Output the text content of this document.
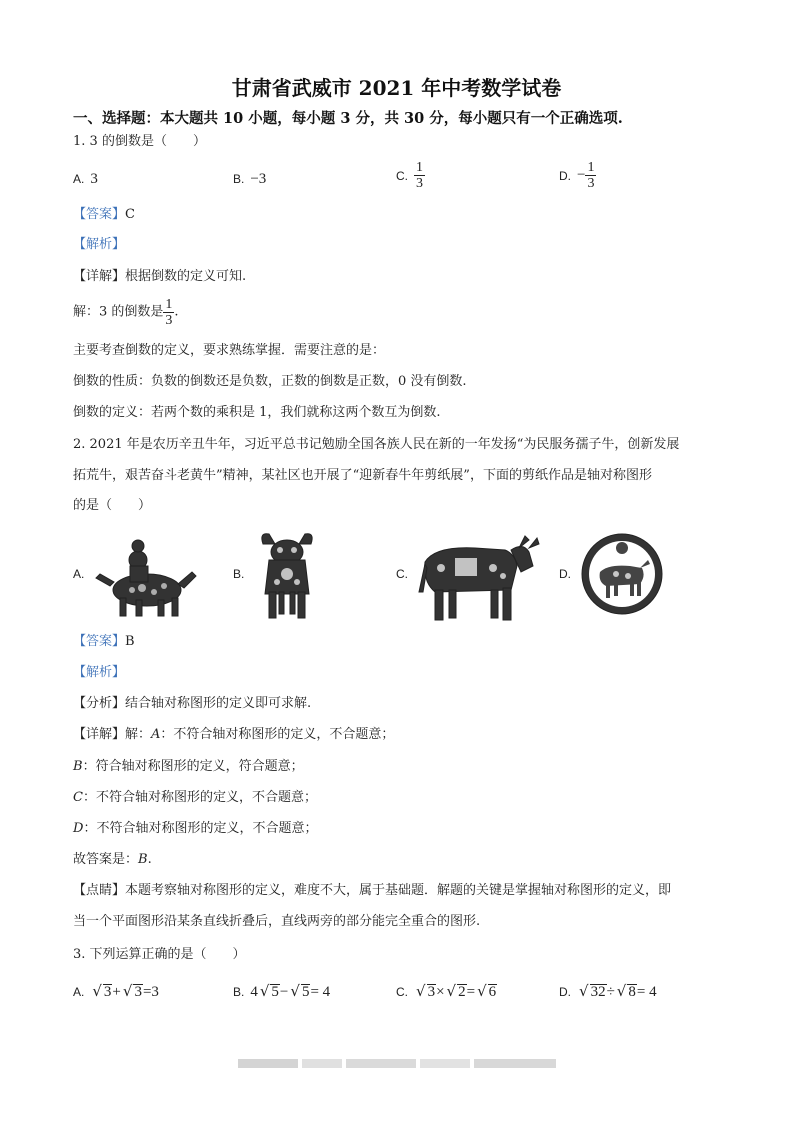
甘肃省武威市 2021 年中考数学试卷
一、选择题：本大题共 10 小题，每小题 3 分，共 30 分，每小题只有一个正确选项.
1. 3 的倒数是（　　）
A. 3	B. −3	C. $\frac{1}{3}$	D. − $\frac{1}{3}$
【答案】C
【解析】
【详解】根据倒数的定义可知.
解：3 的倒数是 $\frac{1}{3}$ .
主要考查倒数的定义，要求熟练掌握．需要注意的是：
倒数的性质：负数的倒数还是负数，正数的倒数是正数，0 没有倒数.
倒数的定义：若两个数的乘积是 1，我们就称这两个数互为倒数.
2. 2021 年是农历辛丑牛年，习近平总书记勉励全国各族人民在新的一年发扬“为民服务孺子牛，创新发展
拓荒牛，艰苦奋斗老黄牛”精神，某社区也开展了“迎新春牛年剪纸展”，下面的剪纸作品是轴对称图形
的是（　　）
A.	B.	C.	D.
【答案】B
【解析】
【分析】结合轴对称图形的定义即可求解.
【详解】解：A：不符合轴对称图形的定义，不合题意；
B：符合轴对称图形的定义，符合题意；
C：不符合轴对称图形的定义，不合题意；
D：不符合轴对称图形的定义，不合题意；
故答案是：B.
【点睛】本题考察轴对称图形的定义，难度不大，属于基础题．解题的关键是掌握轴对称图形的定义，即
当一个平面图形沿某条直线折叠后，直线两旁的部分能完全重合的图形.
3. 下列运算正确的是（　　）
A. √ 3+ √ 3=3	B. 4 √ 5− √ 5= 4	C. √ 3× √ 2= √ 6	D. √ 32÷ √ 8= 4
